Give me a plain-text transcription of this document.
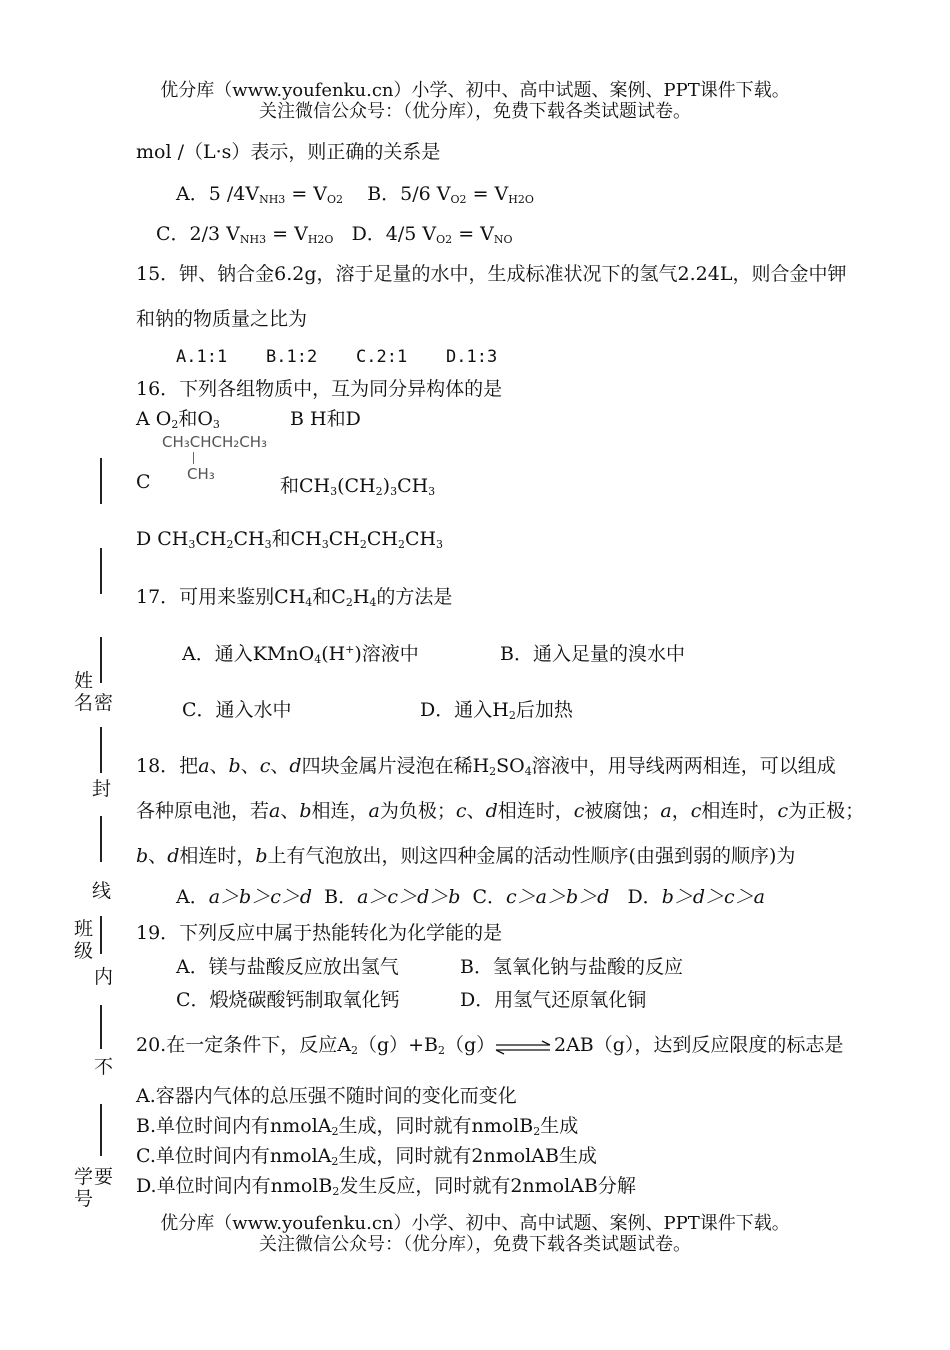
优分库（www.youfenku.cn）小学、初中、高中试题、案例、PPT课件下载。
关注微信公众号：（优分库），免费下载各类试题试卷。
姓
名 密
封
线
班
级
内
不
要
学
号
mol /（L·s）表示，则正确的关系是
A．5 $/4V_{NH3} = V_{O2}$ B．5/6 $V_{O2} = V_{H2O}$
C．2/3 $V_{NH3} = V_{H2O}$ D．4/5 $V_{O2} = V_{NO}$
15．钾、钠合金6.2g，溶于足量的水中，生成标准状况下的氢气2.24L，则合金中钾
和钠的物质量之比为
A.1:1 B.1:2 C.2:1 D.1:3
16．下列各组物质中，互为同分异构体的是
A $O_2$和$O_3$	B H和D
CH₃CHCH₂CH₃
CH₃
C	和$CH_3(CH_2)_3CH_3$
D $CH_3CH_2CH_3$和$CH_3CH_2CH_2CH_3$
17．可用来鉴别$CH_4$和$C_2H_4$的方法是
A．通入KMnO$_4$(H+)溶液中	B．通入足量的溴水中
C．通入水中	D．通入$H_2$后加热
18．把a、b、c、d四块金属片浸泡在稀$H_2SO_4$溶液中，用导线两两相连，可以组成
各种原电池，若a、b相连，a为负极；c、d相连时，c被腐蚀；a，c相连时，c为正极；
b、d相连时，b上有气泡放出，则这四种金属的活动性顺序(由强到弱的顺序)为
A．a＞b＞c＞d B．a＞c＞d＞b C．c＞a＞b＞d D．b＞d＞c＞a
19．下列反应中属于热能转化为化学能的是
A．镁与盐酸反应放出氢气	B．氢氧化钠与盐酸的反应
C．煅烧碳酸钙制取氧化钙	D．用氢气还原氧化铜
20.在一定条件下，反应$A_2(g)+B_2(g)$ ⇌ 2AB（g），达到反应限度的标志是
A.容器内气体的总压强不随时间的变化而变化
B.单位时间内有nmolA$_2$生成，同时就有nmolB$_2$生成
C.单位时间内有nmolA$_2$生成，同时就有2nmolAB生成
D.单位时间内有nmolB$_2$发生反应，同时就有2nmolAB分解
优分库（www.youfenku.cn）小学、初中、高中试题、案例、PPT课件下载。
关注微信公众号：（优分库），免费下载各类试题试卷。
